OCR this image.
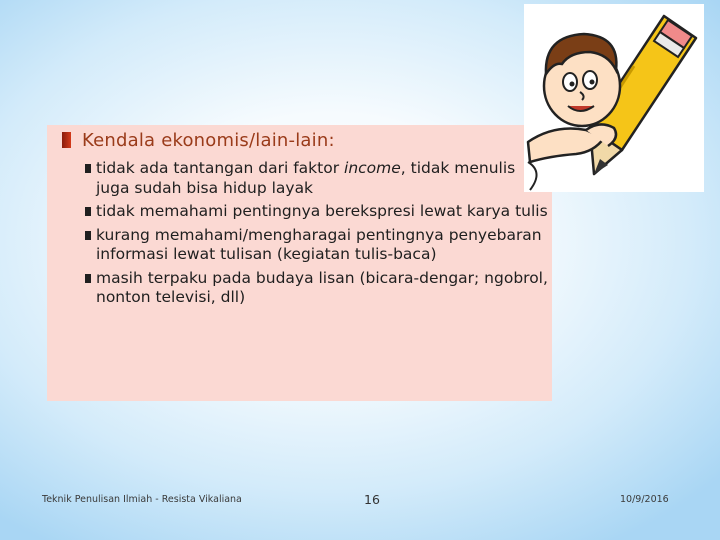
Kendala ekonomis/lain-lain:
tidak ada tantangan dari faktor income, tidak menulis juga sudah bisa hidup layak
tidak memahami pentingnya berekspresi lewat karya tulis
kurang memahami/mengharagai pentingnya penyebaran informasi lewat tulisan (kegiatan tulis-baca)
masih terpaku pada budaya lisan (bicara-dengar; ngobrol, nonton televisi, dll)
Teknik Penulisan Ilmiah - Resista Vikaliana	16	10/9/2016
